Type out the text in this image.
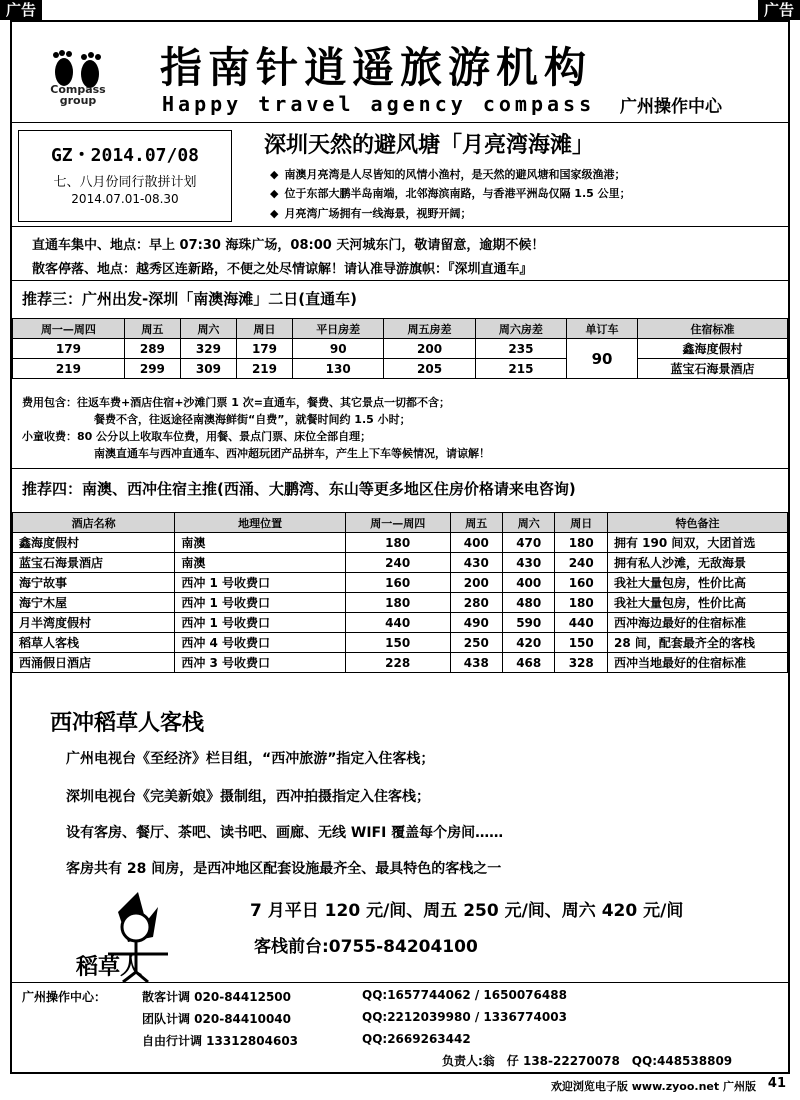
广告	广告
Compass
group
指南针逍遥旅游机构
Happy travel agency compass 广州操作中心
GZ・2014.07/08
七、八月份同行散拼计划
2014.07.01-08.30
深圳天然的避风塘「月亮湾海滩」
◆ 南澳月亮湾是人尽皆知的风情小渔村，是天然的避风塘和国家级渔港；
◆ 位于东部大鹏半岛南端，北邻海滨南路，与香港平洲岛仅隔 1.5 公里；
◆ 月亮湾广场拥有一线海景，视野开阔；
直通车集中、地点：早上 07:30 海珠广场，08:00 天河城东门，敬请留意，逾期不候！
散客停落、地点：越秀区连新路，不便之处尽情谅解！请认准导游旗帜：『深圳直通车』
推荐三：广州出发-深圳「南澳海滩」二日(直通车)
周一—周四	周五	周六	周日	平日房差	周五房差	周六房差	单订车	住宿标准
179	289	329	179	90	200	235	90	鑫海度假村
219	299	309	219	130	205	215		蓝宝石海景酒店
费用包含：往返车费+酒店住宿+沙滩门票 1 次=直通车，餐费、其它景点一切都不含；
餐费不含，往返途径南澳海鲜街“自费”，就餐时间约 1.5 小时；
小童收费：80 公分以上收取车位费，用餐、景点门票、床位全部自理；
南澳直通车与西冲直通车、西冲超玩团产品拼车，产生上下车等候情况，请谅解！
推荐四：南澳、西冲住宿主推(西涌、大鹏湾、东山等更多地区住房价格请来电咨询)
酒店名称	地理位置	周一—周四	周五	周六	周日	特色备注
鑫海度假村	南澳	180	400	470	180	拥有 190 间双，大团首选
蓝宝石海景酒店	南澳	240	430	430	240	拥有私人沙滩，无敌海景
海宁故事	西冲 1 号收费口	160	200	400	160	我社大量包房，性价比高
海宁木屋	西冲 1 号收费口	180	280	480	180	我社大量包房，性价比高
月半湾度假村	西冲 1 号收费口	440	490	590	440	西冲海边最好的住宿标准
稻草人客栈	西冲 4 号收费口	150	250	420	150	28 间，配套最齐全的客栈
西涌假日酒店	西冲 3 号收费口	228	438	468	328	西冲当地最好的住宿标准
西冲稻草人客栈
广州电视台《至经济》栏目组，“西冲旅游”指定入住客栈；
深圳电视台《完美新娘》摄制组，西冲拍摄指定入住客栈；
设有客房、餐厅、茶吧、读书吧、画廊、无线 WIFI 覆盖每个房间……
客房共有 28 间房，是西冲地区配套设施最齐全、最具特色的客栈之一
稻草人
7 月平日 120 元/间、周五 250 元/间、周六 420 元/间
客栈前台:0755-84204100
广州操作中心：	散客计调 020-84412500	QQ:1657744062 / 1650076488
团队计调 020-84410040	QQ:2212039980 / 1336774003
自由行计调 13312804603	QQ:2669263442
负责人:翁　仔 138-22270078　QQ:448538809
欢迎浏览电子版 www.zyoo.net 广州版 41
